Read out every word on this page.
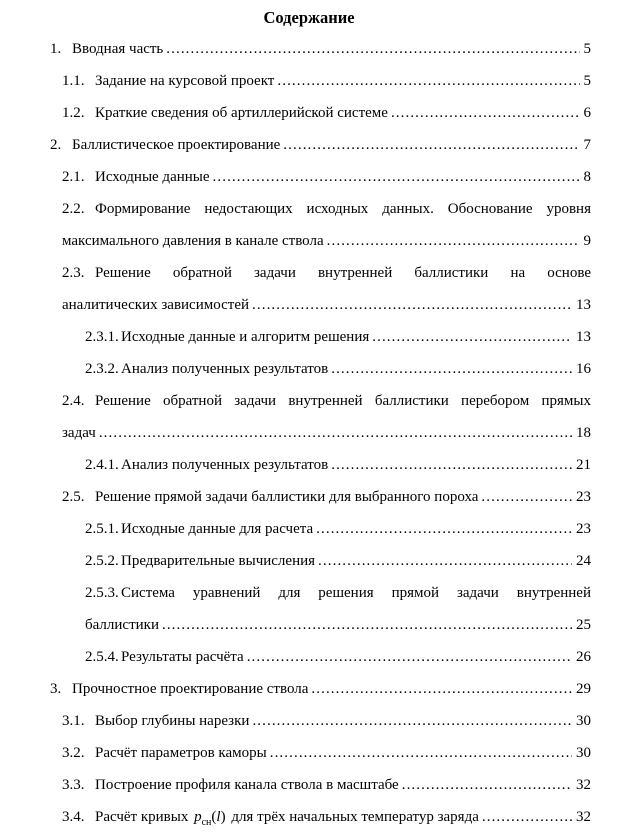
Содержание
1. Вводная часть .....	5
1.1. Задание на курсовой проект .....	5
1.2. Краткие сведения об артиллерийской системе .....	6
2. Баллистическое проектирование .....	7
2.1. Исходные данные .....	8
2.2. Формирование недостающих исходных данных. Обоснование уровня
максимального давления в канале ствола .....	9
2.3. Решение обратной задачи внутренней баллистики на основе
аналитических зависимостей .....	13
2.3.1. Исходные данные и алгоритм решения .....	13
2.3.2. Анализ полученных результатов .....	16
2.4. Решение обратной задачи внутренней баллистики перебором прямых
задач .....	18
2.4.1. Анализ полученных результатов .....	21
2.5. Решение прямой задачи баллистики для выбранного пороха .....	23
2.5.1. Исходные данные для расчета .....	23
2.5.2. Предварительные вычисления .....	24
2.5.3. Система уравнений для решения прямой задачи внутренней
баллистики .....	25
2.5.4. Результаты расчёта .....	26
3. Прочностное проектирование ствола .....	29
3.1. Выбор глубины нарезки .....	30
3.2. Расчёт параметров каморы .....	30
3.3. Построение профиля канала ствола в масштабе .....	32
3.4. Расчёт кривых $p_{сн}(l)$ для трёх начальных температур заряда .....	32
